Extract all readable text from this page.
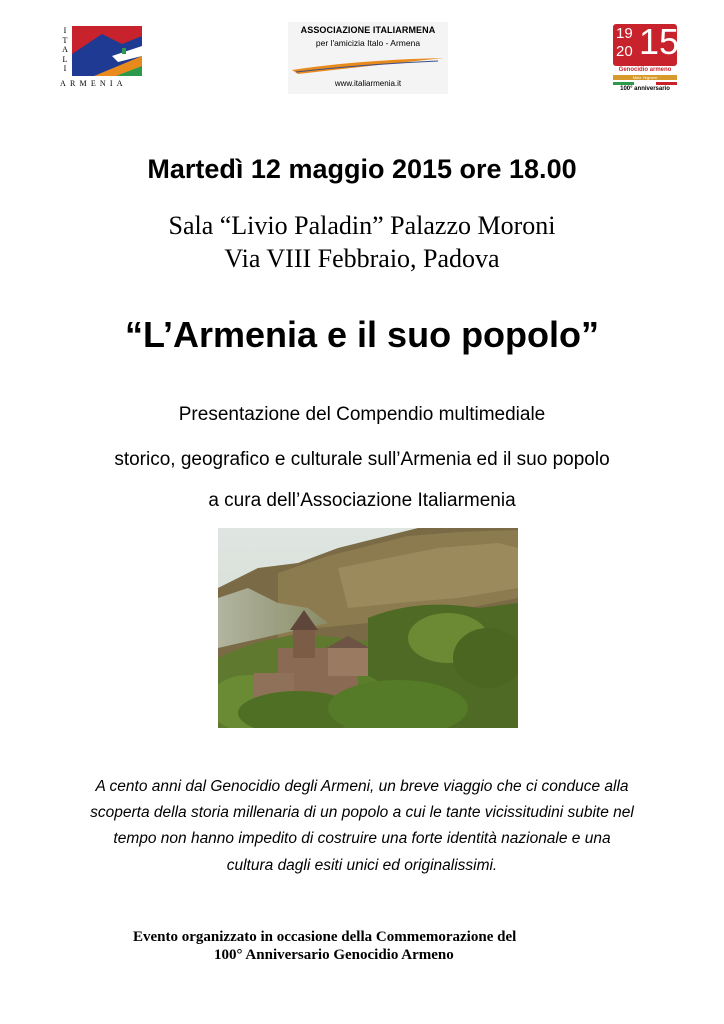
I
T
A
L
I
ARMENIA
ASSOCIAZIONE ITALIARMENA
per l'amicizia Italo - Armena
www.italiarmenia.it
19
20 15
Genocidio armeno
Metz Yeghern
100° anniversario
Martedì 12 maggio 2015 ore 18.00
Sala “Livio Paladin” Palazzo Moroni
Via VIII Febbraio, Padova
“L’Armenia e il suo popolo”
Presentazione del Compendio multimediale
storico, geografico e culturale sull’Armenia ed il suo popolo
a cura dell’Associazione Italiarmenia
A cento anni dal Genocidio degli Armeni, un breve viaggio che ci conduce alla
scoperta della storia millenaria di un popolo a cui le tante vicissitudini subite nel
tempo non hanno impedito di costruire una forte identità nazionale e una
cultura dagli esiti unici ed originalissimi.
Evento organizzato in occasione della Commemorazione del
100° Anniversario Genocidio Armeno
